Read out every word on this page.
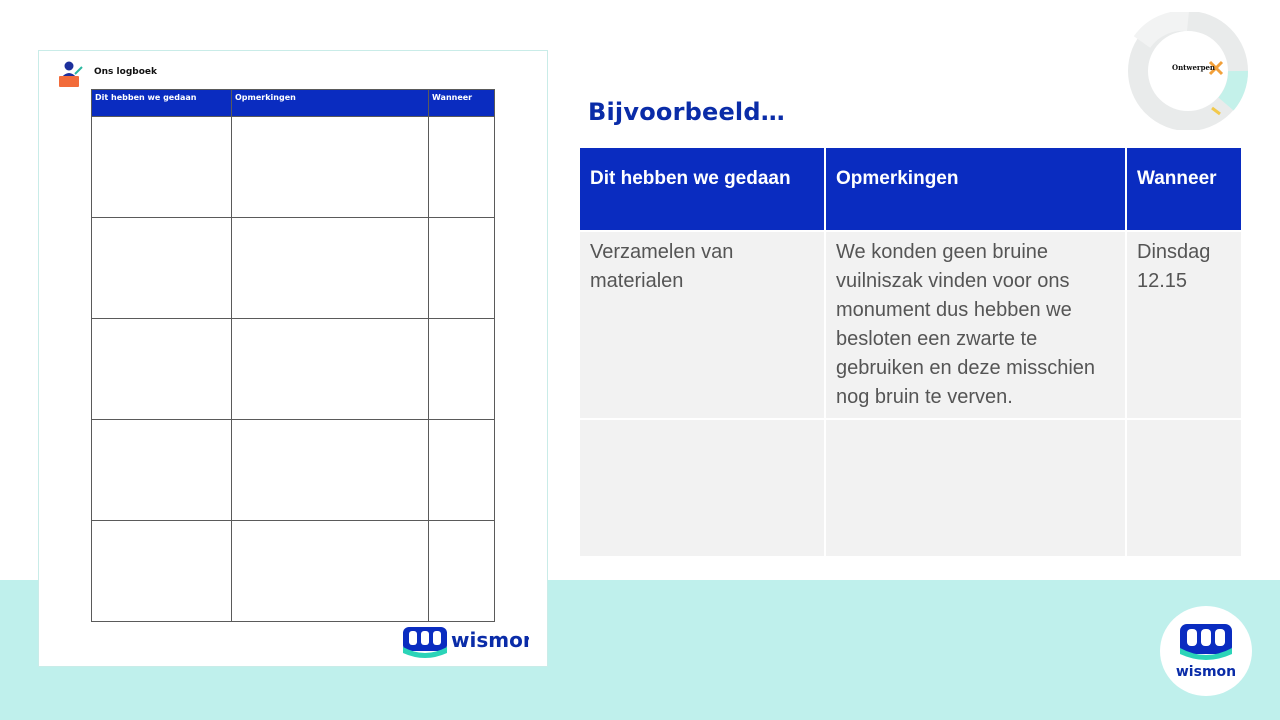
Ons logboek
Dit hebben we gedaan	Opmerkingen	Wanneer

wismon
Bijvoorbeeld…
Dit hebben we gedaan	Opmerkingen	Wanneer
Verzamelen van materialen	We konden geen bruine vuilniszak vinden voor ons monument dus hebben we besloten een zwarte te gebruiken en deze misschien nog bruin te verven.	Dinsdag 12.15

Ontwerpen
wismon
